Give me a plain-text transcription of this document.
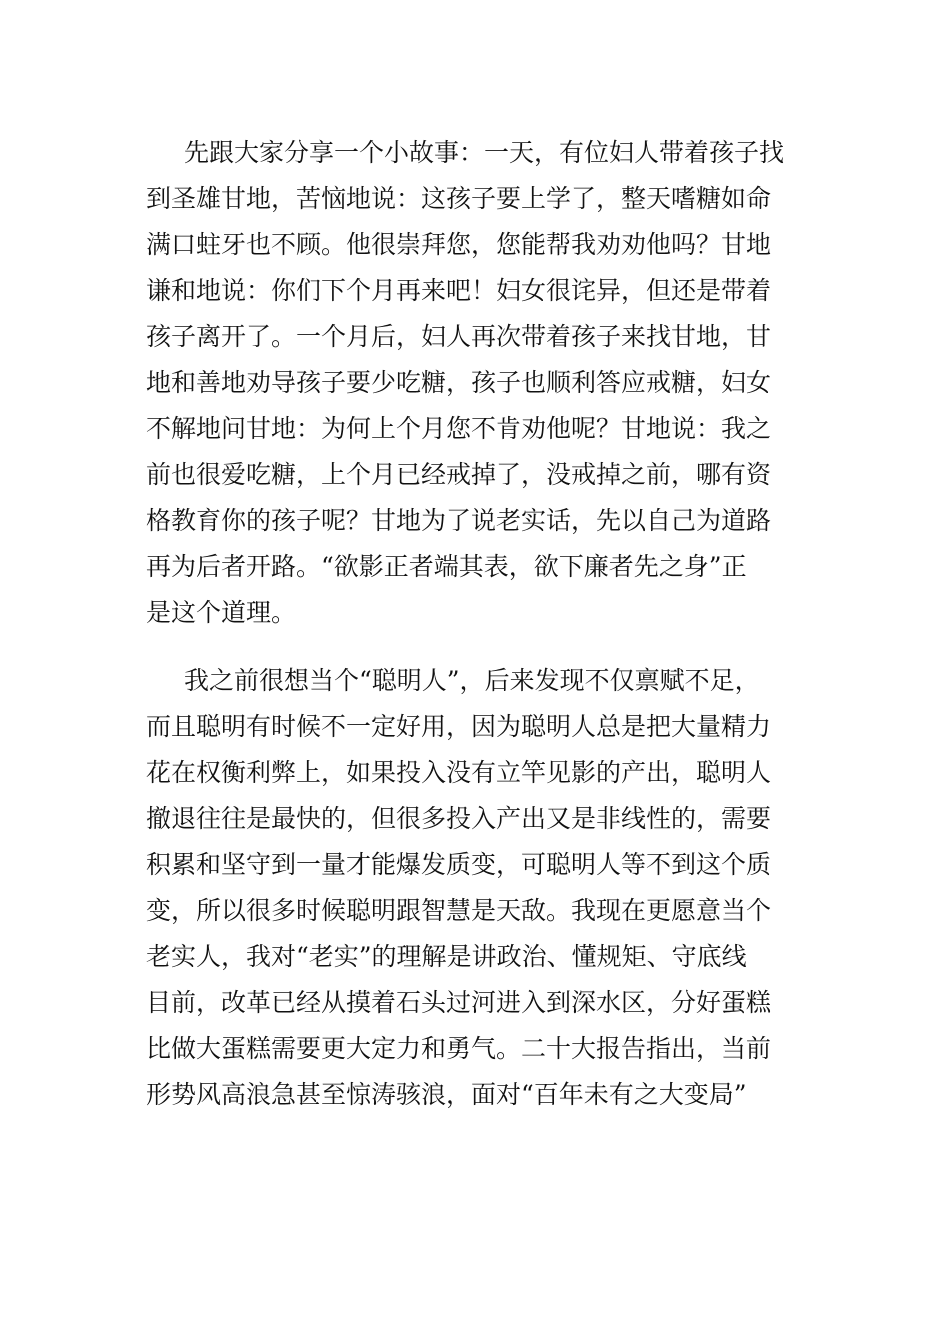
先跟大家分享一个小故事：一天，有位妇人带着孩子找
到圣雄甘地，苦恼地说：这孩子要上学了，整天嗜糖如命
满口蛀牙也不顾。他很崇拜您，您能帮我劝劝他吗？甘地
谦和地说：你们下个月再来吧！妇女很诧异，但还是带着
孩子离开了。一个月后，妇人再次带着孩子来找甘地，甘
地和善地劝导孩子要少吃糖，孩子也顺利答应戒糖，妇女
不解地问甘地：为何上个月您不肯劝他呢？甘地说：我之
前也很爱吃糖，上个月已经戒掉了，没戒掉之前，哪有资
格教育你的孩子呢？甘地为了说老实话，先以自己为道路
再为后者开路。“欲影正者端其表，欲下廉者先之身”正
是这个道理。
我之前很想当个“聪明人”，后来发现不仅禀赋不足，
而且聪明有时候不一定好用，因为聪明人总是把大量精力
花在权衡利弊上，如果投入没有立竿见影的产出，聪明人
撤退往往是最快的，但很多投入产出又是非线性的，需要
积累和坚守到一量才能爆发质变，可聪明人等不到这个质
变，所以很多时候聪明跟智慧是天敌。我现在更愿意当个
老实人，我对“老实”的理解是讲政治、懂规矩、守底线
目前，改革已经从摸着石头过河进入到深水区，分好蛋糕
比做大蛋糕需要更大定力和勇气。二十大报告指出，当前
形势风高浪急甚至惊涛骇浪，面对“百年未有之大变局”
